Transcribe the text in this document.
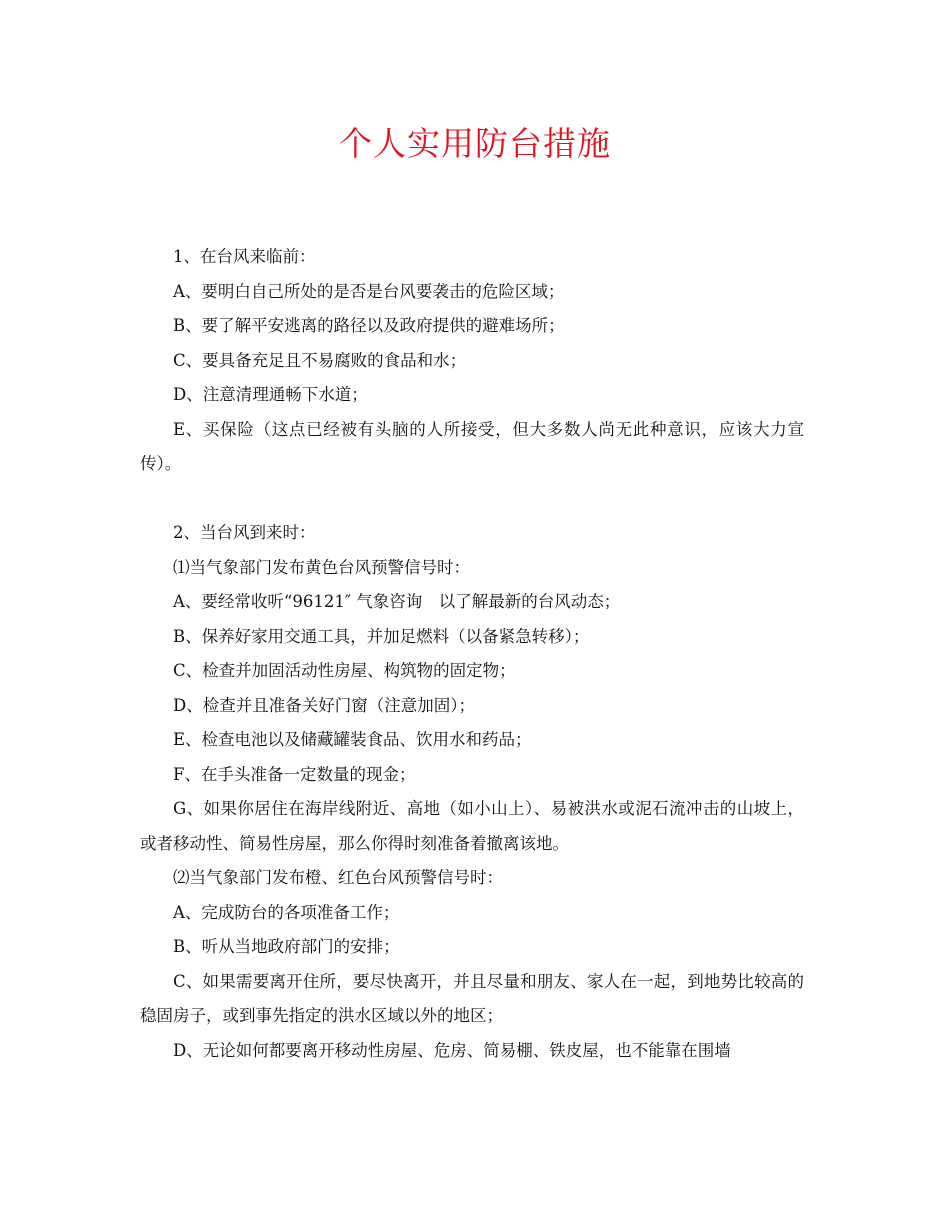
个人实用防台措施

1、在台风来临前：

A、要明白自己所处的是否是台风要袭击的危险区域；

B、要了解平安逃离的路径以及政府提供的避难场所；

C、要具备充足且不易腐败的食品和水；

D、注意清理通畅下水道；

E、买保险（这点已经被有头脑的人所接受，但大多数人尚无此种意识，应该大力宣传）。

2、当台风到来时：

⑴当气象部门发布黄色台风预警信号时：

A、要经常收听“96121″ 气象咨询　以了解最新的台风动态；

B、保养好家用交通工具，并加足燃料（以备紧急转移）；

C、检查并加固活动性房屋、构筑物的固定物；

D、检查并且准备关好门窗（注意加固）；

E、检查电池以及储藏罐装食品、饮用水和药品；

F、在手头准备一定数量的现金；

G、如果你居住在海岸线附近、高地（如小山上）、易被洪水或泥石流冲击的山坡上，或者移动性、简易性房屋，那么你得时刻准备着撤离该地。

⑵当气象部门发布橙、红色台风预警信号时：

A、完成防台的各项准备工作；

B、听从当地政府部门的安排；

C、如果需要离开住所，要尽快离开，并且尽量和朋友、家人在一起，到地势比较高的稳固房子，或到事先指定的洪水区域以外的地区；

D、无论如何都要离开移动性房屋、危房、简易棚、铁皮屋，也不能靠在围墙
